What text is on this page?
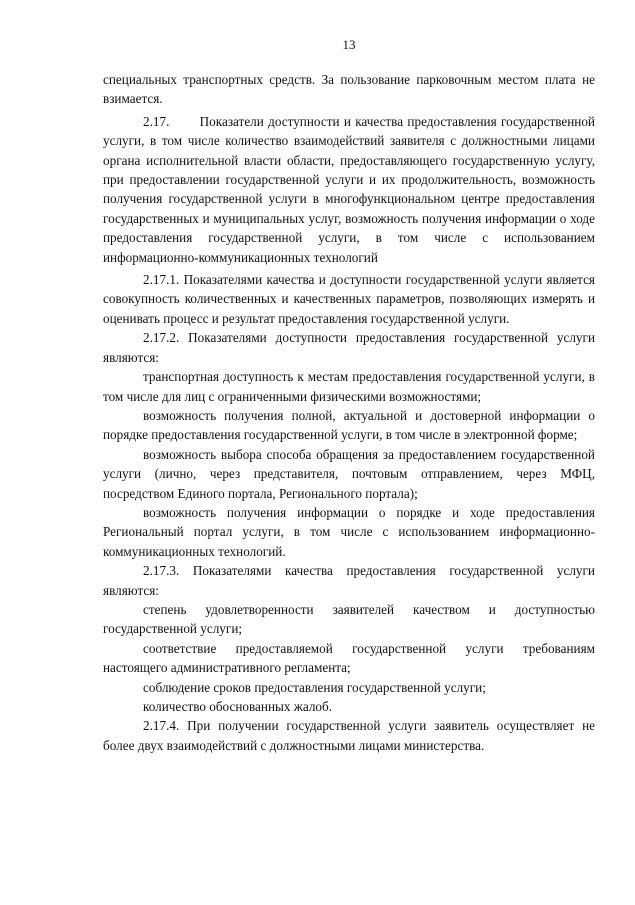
13

специальных транспортных средств. За пользование парковочным местом плата не взимается.

2.17.       Показатели доступности и качества предоставления государственной услуги, в том числе количество взаимодействий заявителя с должностными лицами органа исполнительной власти области, предоставляющего государственную услугу, при предоставлении государственной услуги и их продолжительность, возможность получения государственной услуги в многофункциональном центре предоставления государственных и муниципальных услуг, возможность получения информации о ходе предоставления государственной услуги, в том числе с использованием информационно-коммуникационных технологий

2.17.1. Показателями качества и доступности государственной услуги является совокупность количественных и качественных параметров, позволяющих измерять и оценивать процесс и результат предоставления государственной услуги.

2.17.2. Показателями доступности предоставления государственной услуги являются:

транспортная доступность к местам предоставления государственной услуги, в том числе для лиц с ограниченными физическими возможностями;

возможность получения полной, актуальной и достоверной информации о порядке предоставления государственной услуги, в том числе в электронной форме;

возможность выбора способа обращения за предоставлением государственной услуги (лично, через представителя, почтовым отправлением, через МФЦ, посредством Единого портала, Регионального портала);

возможность получения информации о порядке и ходе предоставления Региональный портал услуги, в том числе с использованием информационно-коммуникационных технологий.

2.17.3. Показателями качества предоставления государственной услуги являются:

степень удовлетворенности заявителей качеством и доступностью государственной услуги;

соответствие предоставляемой государственной услуги требованиям настоящего административного регламента;

соблюдение сроков предоставления государственной услуги;

количество обоснованных жалоб.

2.17.4. При получении государственной услуги заявитель осуществляет не более двух взаимодействий с должностными лицами министерства.
